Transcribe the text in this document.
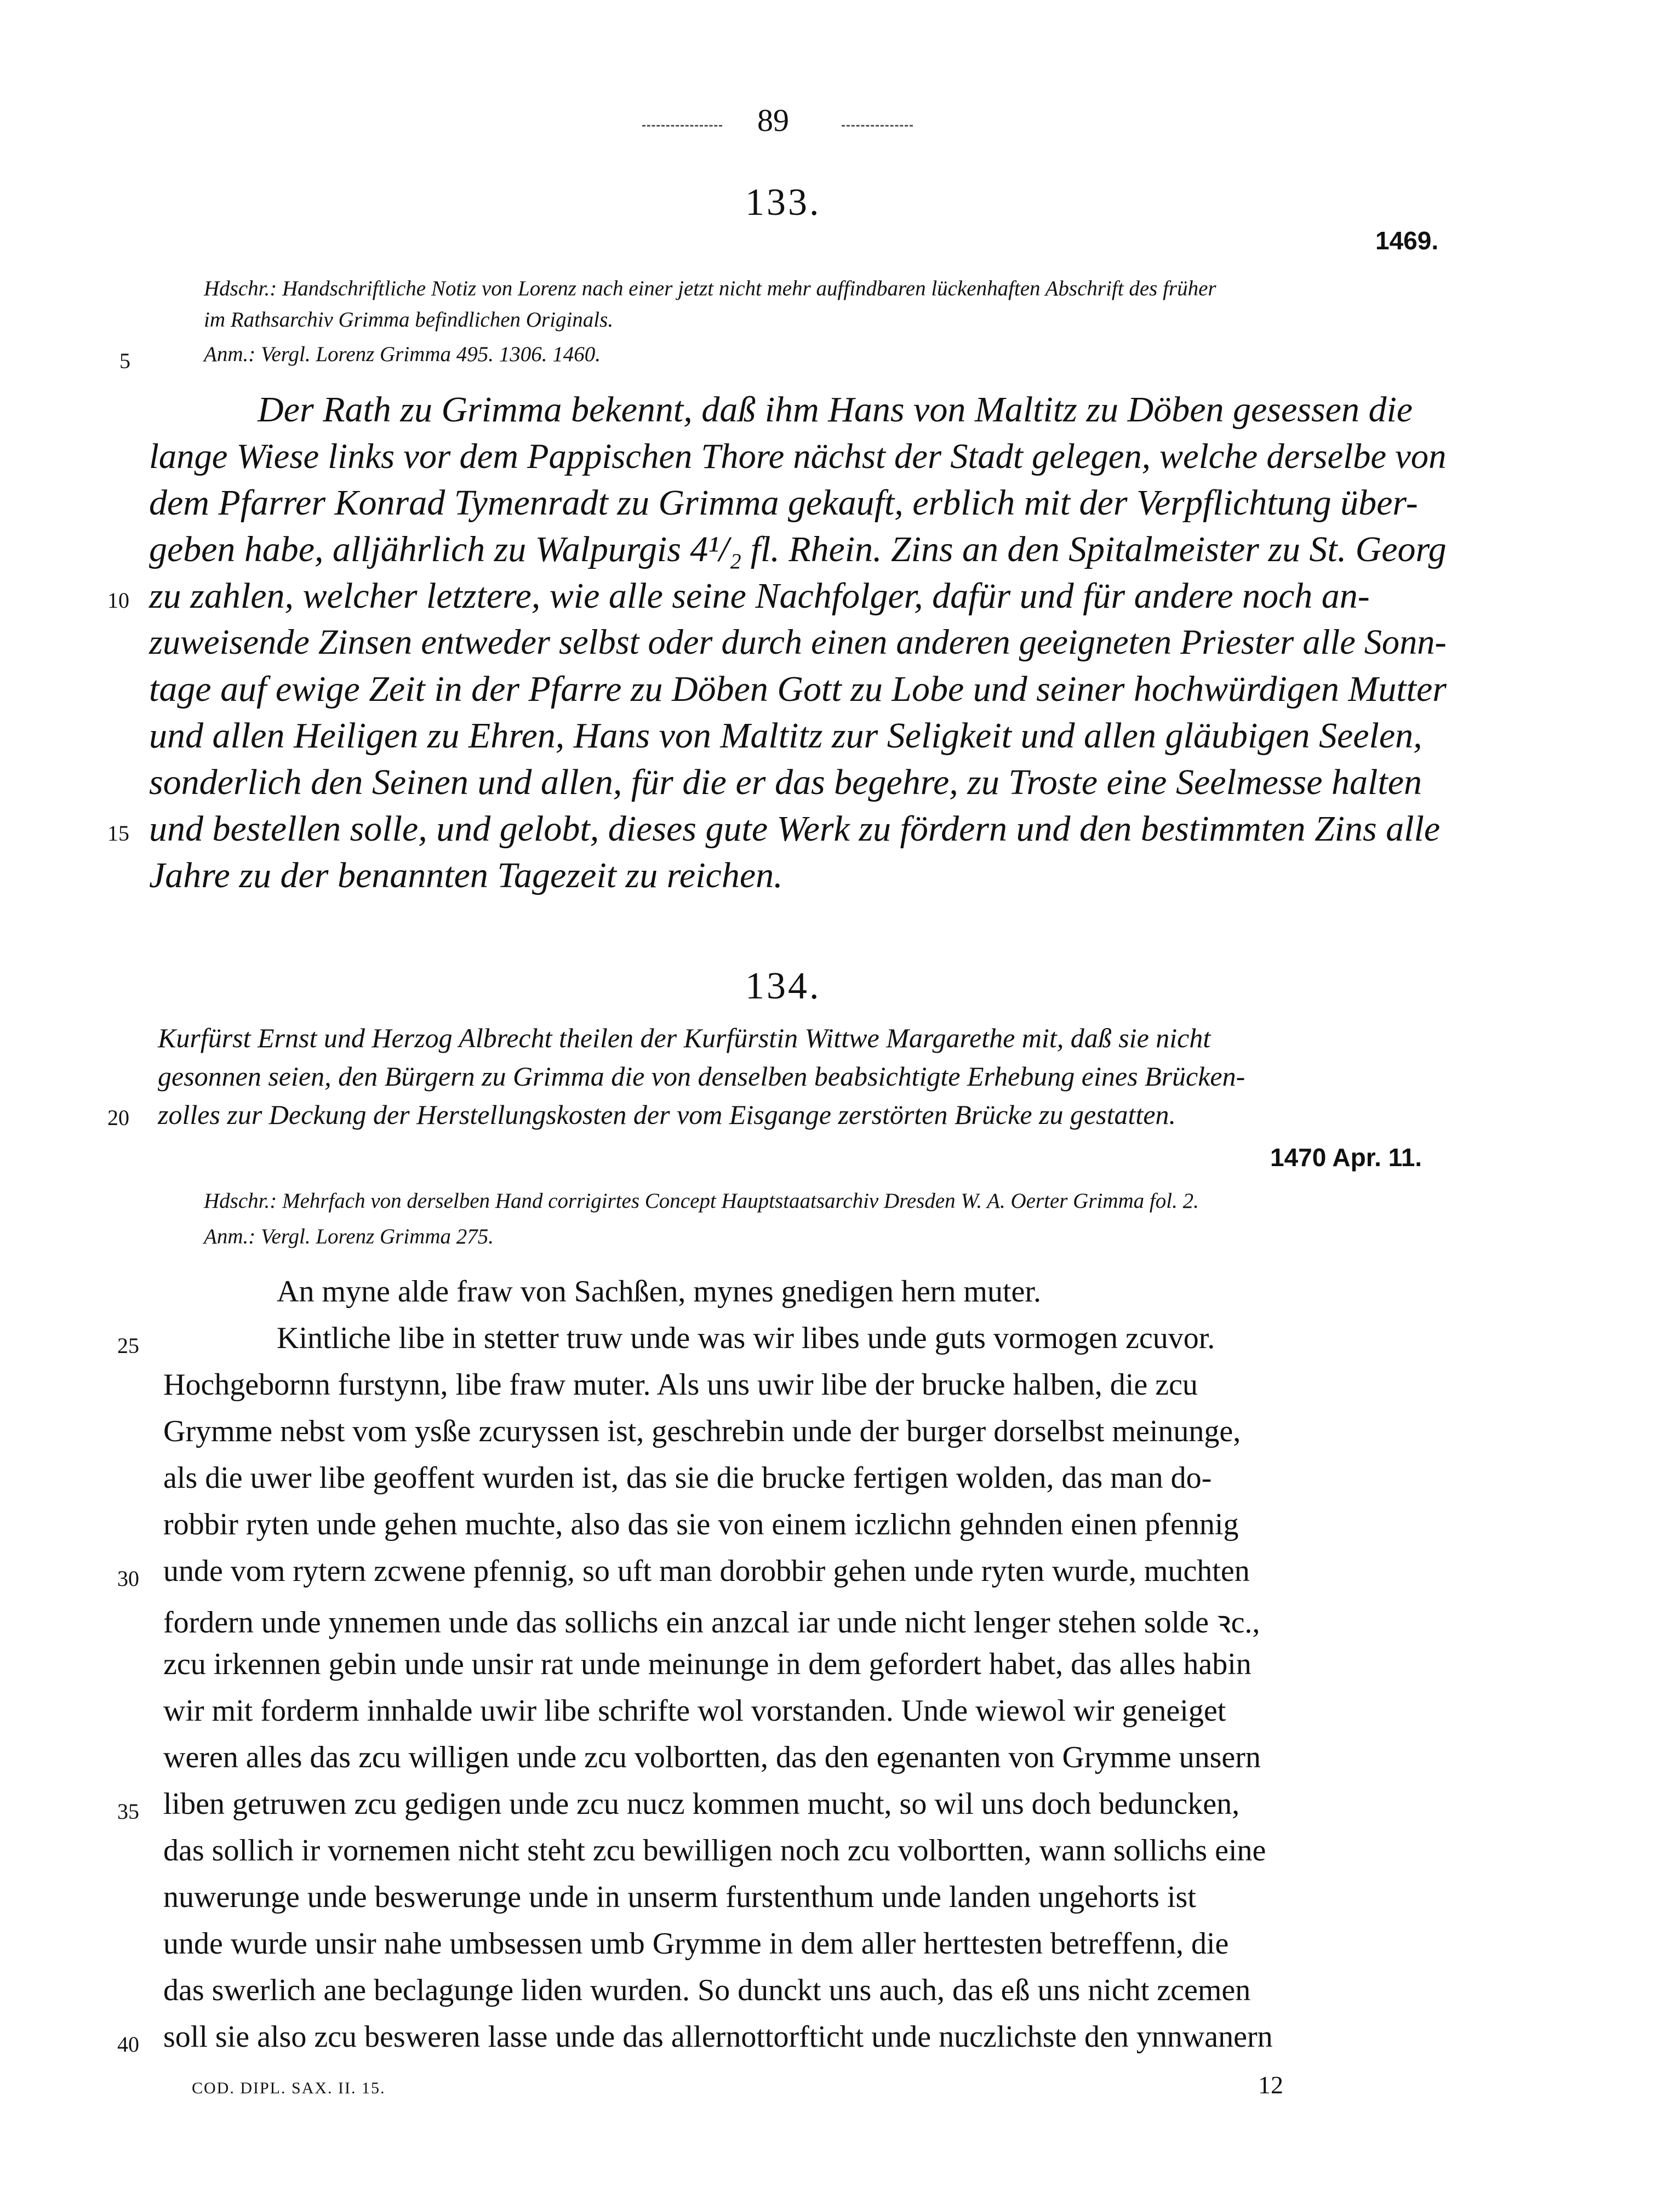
89
133.
1469.
Hdschr.: Handschriftliche Notiz von Lorenz nach einer jetzt nicht mehr auffindbaren lückenhaften Abschrift des früher
im Rathsarchiv Grimma befindlichen Originals.
Anm.: Vergl. Lorenz Grimma 495. 1306. 1460.
Der Rath zu Grimma bekennt, daß ihm Hans von Maltitz zu Döben gesessen die
lange Wiese links vor dem Pappischen Thore nächst der Stadt gelegen, welche derselbe von
dem Pfarrer Konrad Tymenradt zu Grimma gekauft, erblich mit der Verpflichtung über-
geben habe, alljährlich zu Walpurgis 4¹/₂ fl. Rhein. Zins an den Spitalmeister zu St. Georg
zu zahlen, welcher letztere, wie alle seine Nachfolger, dafür und für andere noch an-
zuweisende Zinsen entweder selbst oder durch einen anderen geeigneten Priester alle Sonn-
tage auf ewige Zeit in der Pfarre zu Döben Gott zu Lobe und seiner hochwürdigen Mutter
und allen Heiligen zu Ehren, Hans von Maltitz zur Seligkeit und allen gläubigen Seelen,
sonderlich den Seinen und allen, für die er das begehre, zu Troste eine Seelmesse halten
und bestellen solle, und gelobt, dieses gute Werk zu fördern und den bestimmten Zins alle
Jahre zu der benannten Tagezeit zu reichen.
134.
Kurfürst Ernst und Herzog Albrecht theilen der Kurfürstin Wittwe Margarethe mit, daß sie nicht
gesonnen seien, den Bürgern zu Grimma die von denselben beabsichtigte Erhebung eines Brücken-
zolles zur Deckung der Herstellungskosten der vom Eisgange zerstörten Brücke zu gestatten.
1470 Apr. 11.
Hdschr.: Mehrfach von derselben Hand corrigirtes Concept Hauptstaatsarchiv Dresden W. A. Oerter Grimma fol. 2.
Anm.: Vergl. Lorenz Grimma 275.
An myne alde fraw von Sachßen, mynes gnedigen hern muter.
Kintliche libe in stetter truw unde was wir libes unde guts vormogen zcuvor.
Hochgebornn furstynn, libe fraw muter. Als uns uwir libe der brucke halben, die zcu
Grymme nebst vom ysße zcuryssen ist, geschrebin unde der burger dorselbst meinunge,
als die uwer libe geoffent wurden ist, das sie die brucke fertigen wolden, das man do-
robbir ryten unde gehen muchte, also das sie von einem iczlichn gehnden einen pfennig
unde vom rytern zcwene pfennig, so uft man dorobbir gehen unde ryten wurde, muchten
fordern unde ynnemen unde das sollichs ein anzcal iar unde nicht lenger stehen solde ꝛc.,
zcu irkennen gebin unde unsir rat unde meinunge in dem gefordert habet, das alles habin
wir mit forderm innhalde uwir libe schrifte wol vorstanden. Unde wiewol wir geneiget
weren alles das zcu willigen unde zcu volbortten, das den egenanten von Grymme unsern
liben getruwen zcu gedigen unde zcu nucz kommen mucht, so wil uns doch beduncken,
das sollich ir vornemen nicht steht zcu bewilligen noch zcu volbortten, wann sollichs eine
nuwerunge unde beswerunge unde in unserm furstenthum unde landen ungehorts ist
unde wurde unsir nahe umbsessen umb Grymme in dem aller herttesten betreffenn, die
das swerlich ane beclagunge liden wurden. So dunckt uns auch, das eß uns nicht zcemen
soll sie also zcu besweren lasse unde das allernottorfticht unde nuczlichste den ynnwanern
5
10
15
20
25
30
35
40
COD. DIPL. SAX. II. 15.	12
